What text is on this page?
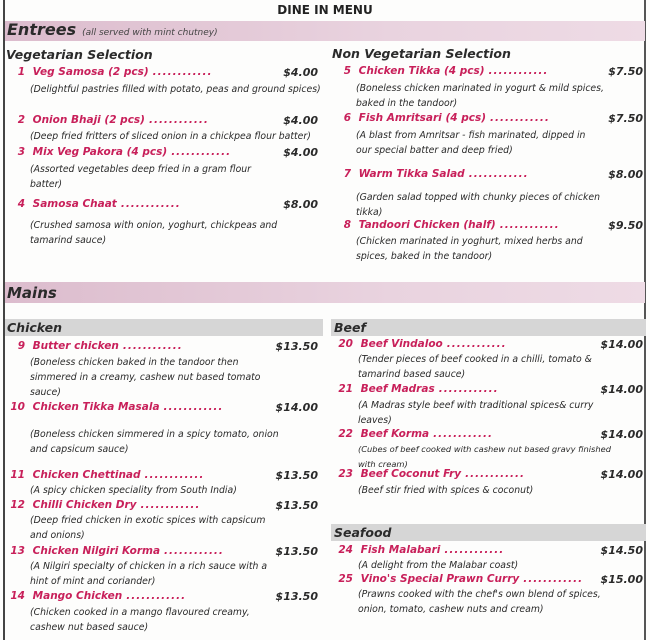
DINE IN MENU
Entrees (all served with mint chutney)
Vegetarian Selection	Non Vegetarian Selection
Mains
Chicken	Beef
Seafood
1 Veg Samosa (2 pcs) ............	$4.00
(Delightful pastries filled with potato, peas and ground spices)
2 Onion Bhaji (2 pcs) ............	$4.00
(Deep fried fritters of sliced onion in a chickpea flour batter)
3 Mix Veg Pakora (4 pcs) ............	$4.00
(Assorted vegetables deep fried in a gram flour
batter)
4 Samosa Chaat ............	$8.00
(Crushed samosa with onion, yoghurt, chickpeas and
tamarind sauce)
5 Chicken Tikka (4 pcs) ............	$7.50
(Boneless chicken marinated in yogurt & mild spices,
baked in the tandoor)
6 Fish Amritsari (4 pcs) ............	$7.50
(A blast from Amritsar - fish marinated, dipped in
our special batter and deep fried)
7 Warm Tikka Salad ............	$8.00
(Garden salad topped with chunky pieces of chicken
tikka)
8 Tandoori Chicken (half) ............	$9.50
(Chicken marinated in yoghurt, mixed herbs and
spices, baked in the tandoor)
9 Butter chicken ............	$13.50
(Boneless chicken baked in the tandoor then
simmered in a creamy, cashew nut based tomato
sauce)
10 Chicken Tikka Masala ............	$14.00
(Boneless chicken simmered in a spicy tomato, onion
and capsicum sauce)
11 Chicken Chettinad ............	$13.50
(A spicy chicken speciality from South India)
12 Chilli Chicken Dry ............	$13.50
(Deep fried chicken in exotic spices with capsicum
and onions)
13 Chicken Nilgiri Korma ............	$13.50
(A Nilgiri specialty of chicken in a rich sauce with a
hint of mint and coriander)
14 Mango Chicken ............	$13.50
(Chicken cooked in a mango flavoured creamy,
cashew nut based sauce)
20 Beef Vindaloo ............	$14.00
(Tender pieces of beef cooked in a chilli, tomato &
tamarind based sauce)
21 Beef Madras ............	$14.00
(A Madras style beef with traditional spices& curry
leaves)
22 Beef Korma ............	$14.00
(Cubes of beef cooked with cashew nut based gravy finished
with cream)
23 Beef Coconut Fry ............	$14.00
(Beef stir fried with spices & coconut)
24 Fish Malabari ............	$14.50
(A delight from the Malabar coast)
25 Vino's Special Prawn Curry ............	$15.00
(Prawns cooked with the chef's own blend of spices,
onion, tomato, cashew nuts and cream)
